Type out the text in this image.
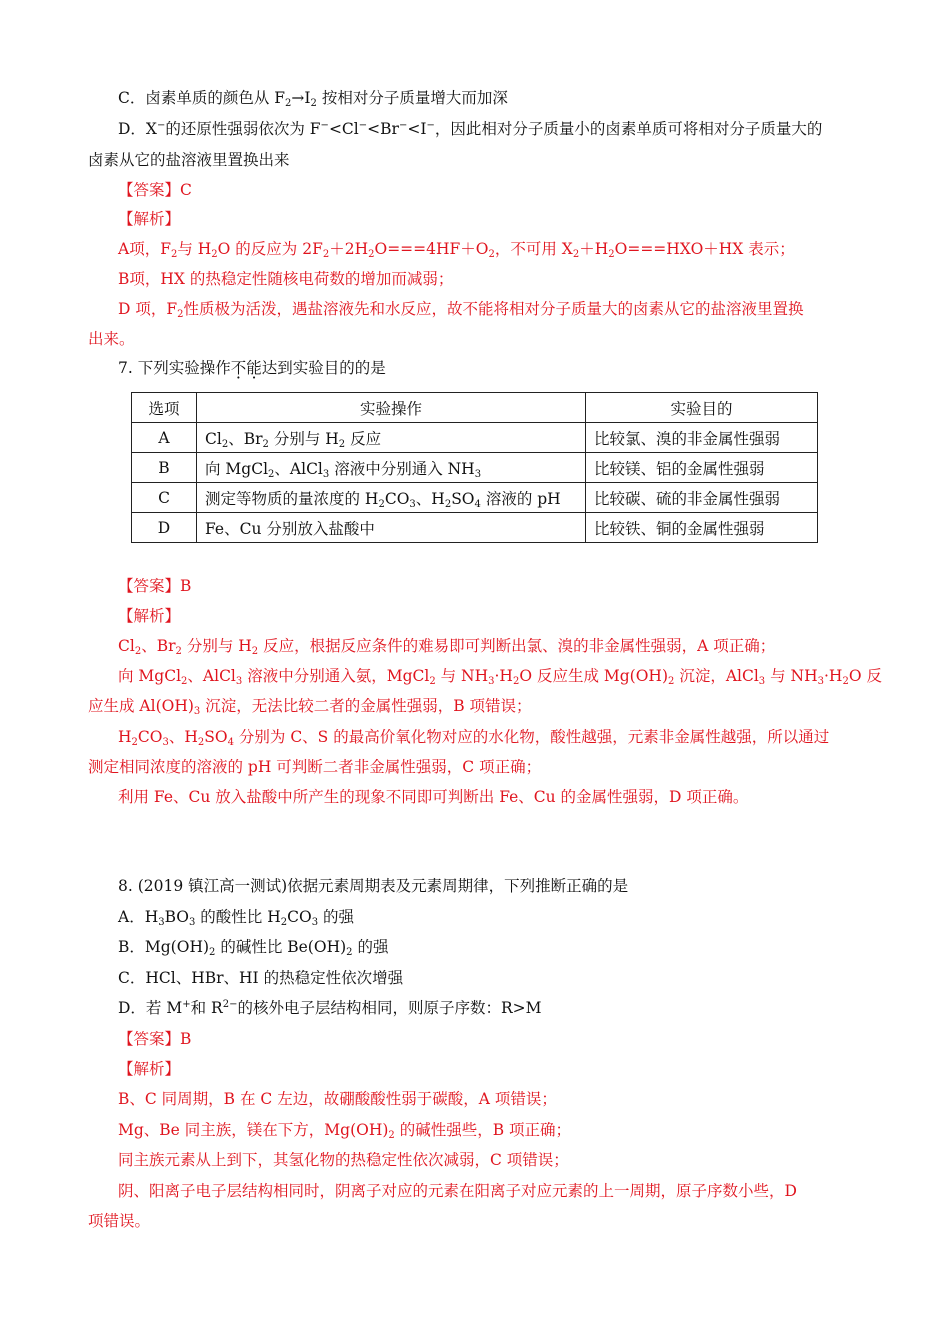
C．卤素单质的颜色从 $F_2\to I_2$ 按相对分子质量增大而加深
D．X−的还原性强弱依次为 F−<Cl−<Br−<I−，因此相对分子质量小的卤素单质可将相对分子质量大的
卤素从它的盐溶液里置换出来
【答案】C
【解析】
A项，$F_2$与 $H_2O$ 的反应为 $2F_2+2H_2O===4HF+O_2$，不可用 $X_2+H_2O===HXO+HX$ 表示；
B项，HX 的热稳定性随核电荷数的增加而减弱；
D 项，$F_2$性质极为活泼，遇盐溶液先和水反应，故不能将相对分子质量大的卤素从它的盐溶液里置换
出来。
7. 下列实验操作不能达到实验目的的是
选项	实验操作	实验目的
A	$Cl_2$、$Br_2$ 分别与 $H_2$ 反应	比较氯、溴的非金属性强弱
B	向 MgCl$_2$、AlCl$_3$ 溶液中分别通入 $NH_3$	比较镁、铝的金属性强弱
C	测定等物质的量浓度的 $H_2CO_3$、$H_2SO_4$ 溶液的 pH	比较碳、硫的非金属性强弱
D	Fe、Cu 分别放入盐酸中	比较铁、铜的金属性强弱
【答案】B
【解析】
$Cl_2$、$Br_2$ 分别与 $H_2$ 反应，根据反应条件的难易即可判断出氯、溴的非金属性强弱，A 项正确；
向 MgCl$_2$、AlCl$_3$ 溶液中分别通入氨，MgCl$_2$ 与 $NH_3\cdot H_2O$ 反应生成 $Mg(OH)_2$ 沉淀，AlCl$_3$ 与 $NH_3\cdot H_2O$ 反
应生成 $Al(OH)_3$ 沉淀，无法比较二者的金属性强弱，B 项错误；
$H_2CO_3$、$H_2SO_4$ 分别为 C、S 的最高价氧化物对应的水化物，酸性越强，元素非金属性越强，所以通过
测定相同浓度的溶液的 pH 可判断二者非金属性强弱，C 项正确；
利用 Fe、Cu 放入盐酸中所产生的现象不同即可判断出 Fe、Cu 的金属性强弱，D 项正确。
8. (2019 镇江高一测试)依据元素周期表及元素周期律，下列推断正确的是
A．$H_3BO_3$ 的酸性比 $H_2CO_3$ 的强
B．$Mg(OH)_2$ 的碱性比 $Be(OH)_2$ 的强
C．HCl、HBr、HI 的热稳定性依次增强
D．若 M+和 $R^{2-}$的核外电子层结构相同，则原子序数：R>M
【答案】B
【解析】
B、C 同周期，B 在 C 左边，故硼酸酸性弱于碳酸，A 项错误；
Mg、Be 同主族，镁在下方，$Mg(OH)_2$ 的碱性强些，B 项正确；
同主族元素从上到下，其氢化物的热稳定性依次减弱，C 项错误；
阴、阳离子电子层结构相同时，阴离子对应的元素在阳离子对应元素的上一周期，原子序数小些，D
项错误。
